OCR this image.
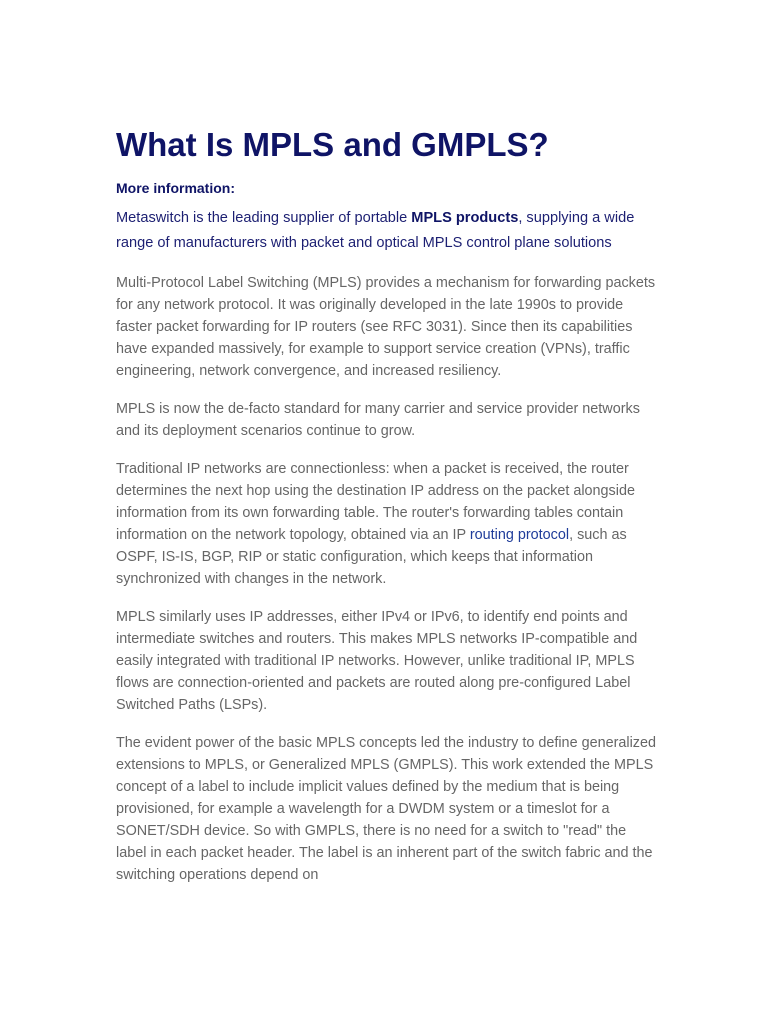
What Is MPLS and GMPLS?
More information:

Metaswitch is the leading supplier of portable MPLS products, supplying a wide range of manufacturers with packet and optical MPLS control plane solutions

Multi-Protocol Label Switching (MPLS) provides a mechanism for forwarding packets for any network protocol. It was originally developed in the late 1990s to provide faster packet forwarding for IP routers (see RFC 3031). Since then its capabilities have expanded massively, for example to support service creation (VPNs), traffic engineering, network convergence, and increased resiliency.

MPLS is now the de-facto standard for many carrier and service provider networks and its deployment scenarios continue to grow.

Traditional IP networks are connectionless: when a packet is received, the router determines the next hop using the destination IP address on the packet alongside information from its own forwarding table. The router's forwarding tables contain information on the network topology, obtained via an IP routing protocol, such as OSPF, IS-IS, BGP, RIP or static configuration, which keeps that information synchronized with changes in the network.

MPLS similarly uses IP addresses, either IPv4 or IPv6, to identify end points and intermediate switches and routers. This makes MPLS networks IP-compatible and easily integrated with traditional IP networks. However, unlike traditional IP, MPLS flows are connection-oriented and packets are routed along pre-configured Label Switched Paths (LSPs).

The evident power of the basic MPLS concepts led the industry to define generalized extensions to MPLS, or Generalized MPLS (GMPLS). This work extended the MPLS concept of a label to include implicit values defined by the medium that is being provisioned, for example a wavelength for a DWDM system or a timeslot for a SONET/SDH device. So with GMPLS, there is no need for a switch to "read" the label in each packet header. The label is an inherent part of the switch fabric and the switching operations depend on
